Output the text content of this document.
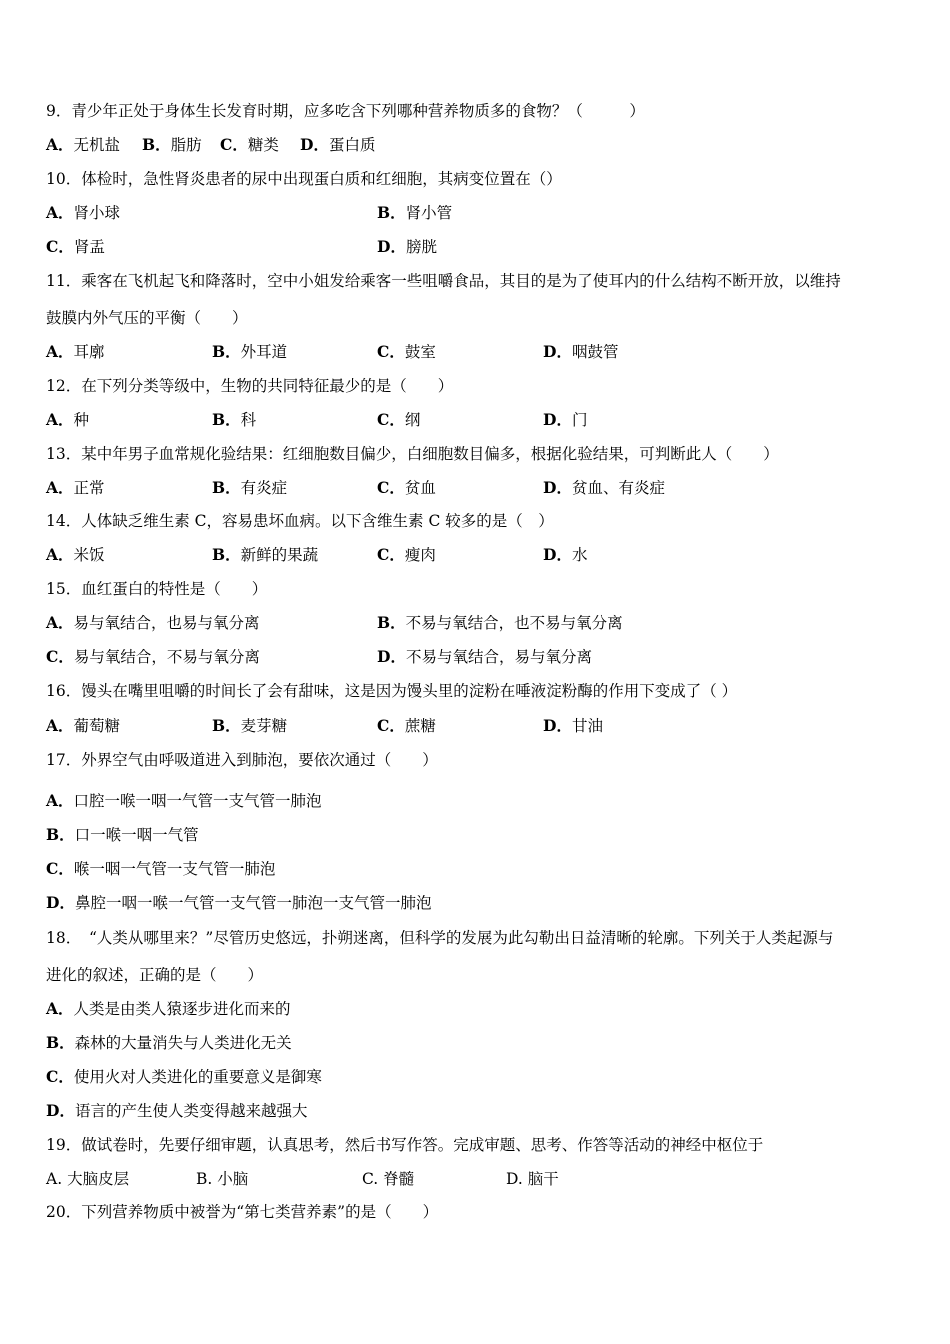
9．青少年正处于身体生长发育时期，应多吃含下列哪种营养物质多的食物？（　　　）
A．无机盐 B．脂肪 C．糖类 D．蛋白质
10．体检时，急性肾炎患者的尿中出现蛋白质和红细胞，其病变位置在（）
A．肾小球	B．肾小管
C．肾盂	D．膀胱
11．乘客在飞机起飞和降落时，空中小姐发给乘客一些咀嚼食品，其目的是为了使耳内的什么结构不断开放，以维持
鼓膜内外气压的平衡（　　）
A．耳廓	B．外耳道	C．鼓室	D．咽鼓管
12．在下列分类等级中，生物的共同特征最少的是（　　）
A．种	B．科	C．纲	D．门
13．某中年男子血常规化验结果：红细胞数目偏少，白细胞数目偏多，根据化验结果，可判断此人（　　）
A．正常	B．有炎症	C．贫血	D．贫血、有炎症
14．人体缺乏维生素 C，容易患坏血病。以下含维生素 C 较多的是（　）
A．米饭	B．新鲜的果蔬	C．瘦肉	D．水
15．血红蛋白的特性是（　　）
A．易与氧结合，也易与氧分离	B．不易与氧结合，也不易与氧分离
C．易与氧结合，不易与氧分离	D．不易与氧结合，易与氧分离
16．馒头在嘴里咀嚼的时间长了会有甜味，这是因为馒头里的淀粉在唾液淀粉酶的作用下变成了（ ）
A．葡萄糖	B．麦芽糖	C．蔗糖	D．甘油
17．外界空气由呼吸道进入到肺泡，要依次通过（　　）
A．口腔一喉一咽一气管一支气管一肺泡
B．口一喉一咽一气管
C．喉一咽一气管一支气管一肺泡
D．鼻腔一咽一喉一气管一支气管一肺泡一支气管一肺泡
18．　“人类从哪里来？”尽管历史悠远，扑朔迷离，但科学的发展为此勾勒出日益清晰的轮廓。下列关于人类起源与
进化的叙述，正确的是（　　）
A．人类是由类人猿逐步进化而来的
B．森林的大量消失与人类进化无关
C．使用火对人类进化的重要意义是御寒
D．语言的产生使人类变得越来越强大
19．做试卷时，先要仔细审题，认真思考，然后书写作答。完成审题、思考、作答等活动的神经中枢位于
A. 大脑皮层	B. 小脑	C. 脊髓	D. 脑干
20．下列营养物质中被誉为“第七类营养素”的是（　　）
